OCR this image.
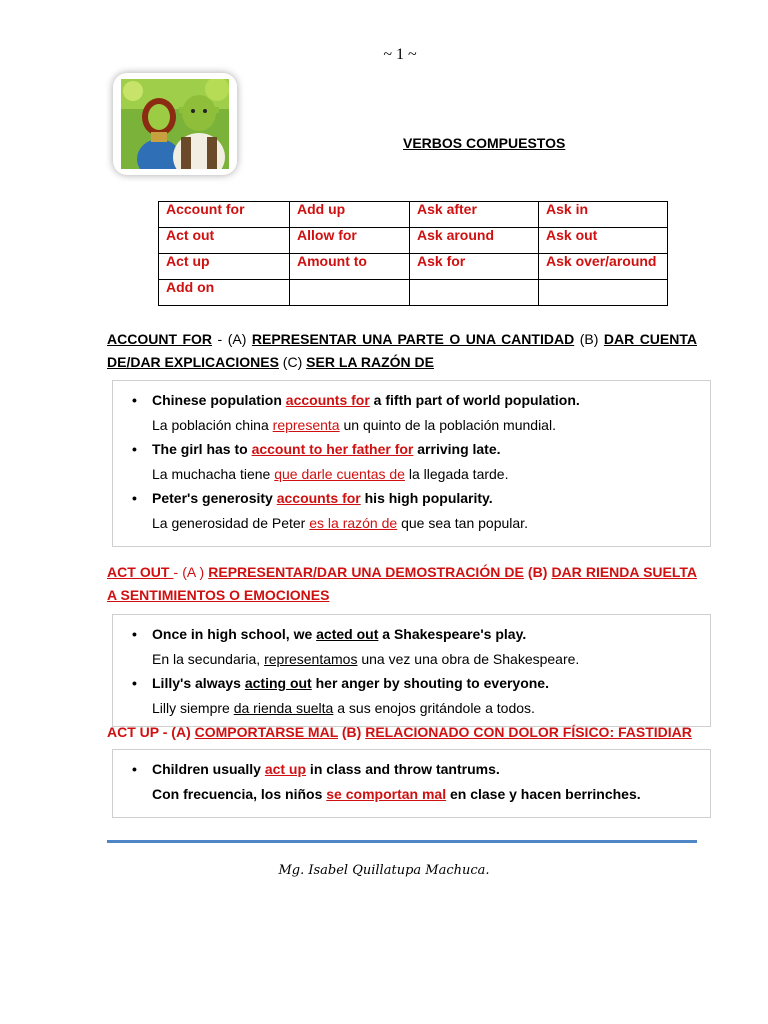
~ 1 ~
VERBOS COMPUESTOS
Account for	Add up	Ask after	Ask in
Act out	Allow for	Ask around	Ask out
Act up	Amount to	Ask for	Ask over/around
Add on			
ACCOUNT FOR - (A) REPRESENTAR UNA PARTE O UNA CANTIDAD (B) DAR CUENTA DE/DAR EXPLICACIONES (C) SER LA RAZÓN DE
• Chinese population accounts for a fifth part of world population.
La población china representa un quinto de la población mundial.
• The girl has to account to her father for arriving late.
La muchacha tiene que darle cuentas de la llegada tarde.
• Peter's generosity accounts for his high popularity.
La generosidad de Peter es la razón de que sea tan popular.
ACT OUT - (A ) REPRESENTAR/DAR UNA DEMOSTRACIÓN DE (B) DAR RIENDA SUELTA A SENTIMIENTOS O EMOCIONES
• Once in high school, we acted out a Shakespeare's play.
En la secundaria, representamos una vez una obra de Shakespeare.
• Lilly's always acting out her anger by shouting to everyone.
Lilly siempre da rienda suelta a sus enojos gritándole a todos.
ACT UP - (A) COMPORTARSE MAL (B) RELACIONADO CON DOLOR FÍSICO: FASTIDIAR
• Children usually act up in class and throw tantrums.
Con frecuencia, los niños se comportan mal en clase y hacen berrinches.
Mg. Isabel Quillatupa Machuca.
